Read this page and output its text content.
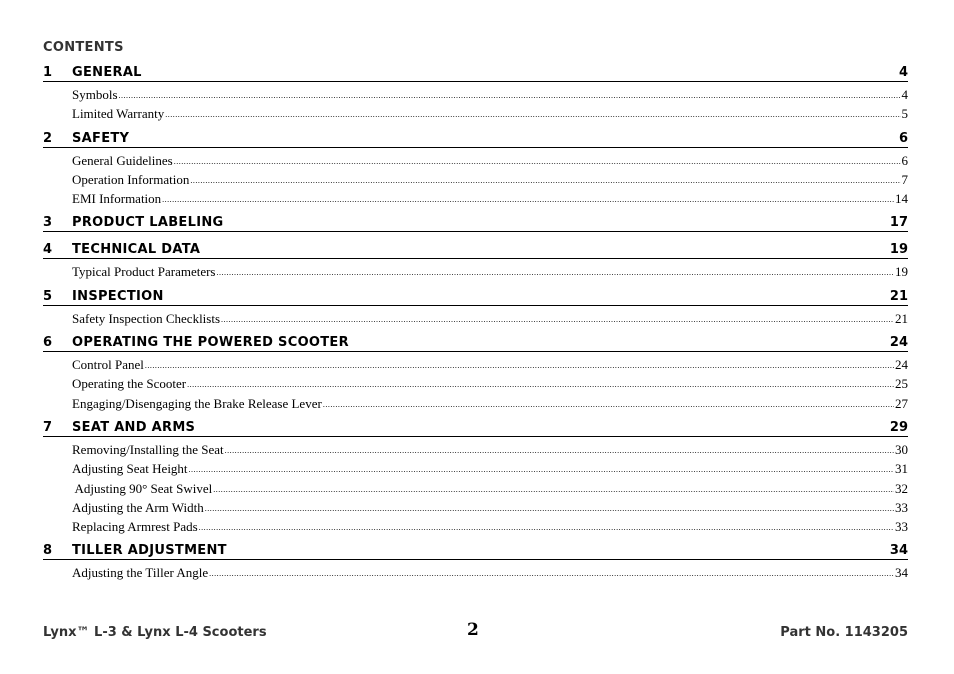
CONTENTS
1	GENERAL	4
Symbols .....	4
Limited Warranty .....	5
2	SAFETY	6
General Guidelines .....	6
Operation Information .....	7
EMI Information .....	14
3	PRODUCT LABELING	17
4	TECHNICAL DATA	19
Typical Product Parameters .....	19
5	INSPECTION	21
Safety Inspection Checklists .....	21
6	OPERATING THE POWERED SCOOTER	24
Control Panel .....	24
Operating the Scooter .....	25
Engaging/Disengaging the Brake Release Lever .....	27
7	SEAT AND ARMS	29
Removing/Installing the Seat .....	30
Adjusting Seat Height .....	31
Adjusting 90° Seat Swivel .....	32
Adjusting the Arm Width .....	33
Replacing Armrest Pads .....	33
8	TILLER ADJUSTMENT	34
Adjusting the Tiller Angle .....	34
Lynx™ L-3 & Lynx L-4 Scooters	2	Part No. 1143205
